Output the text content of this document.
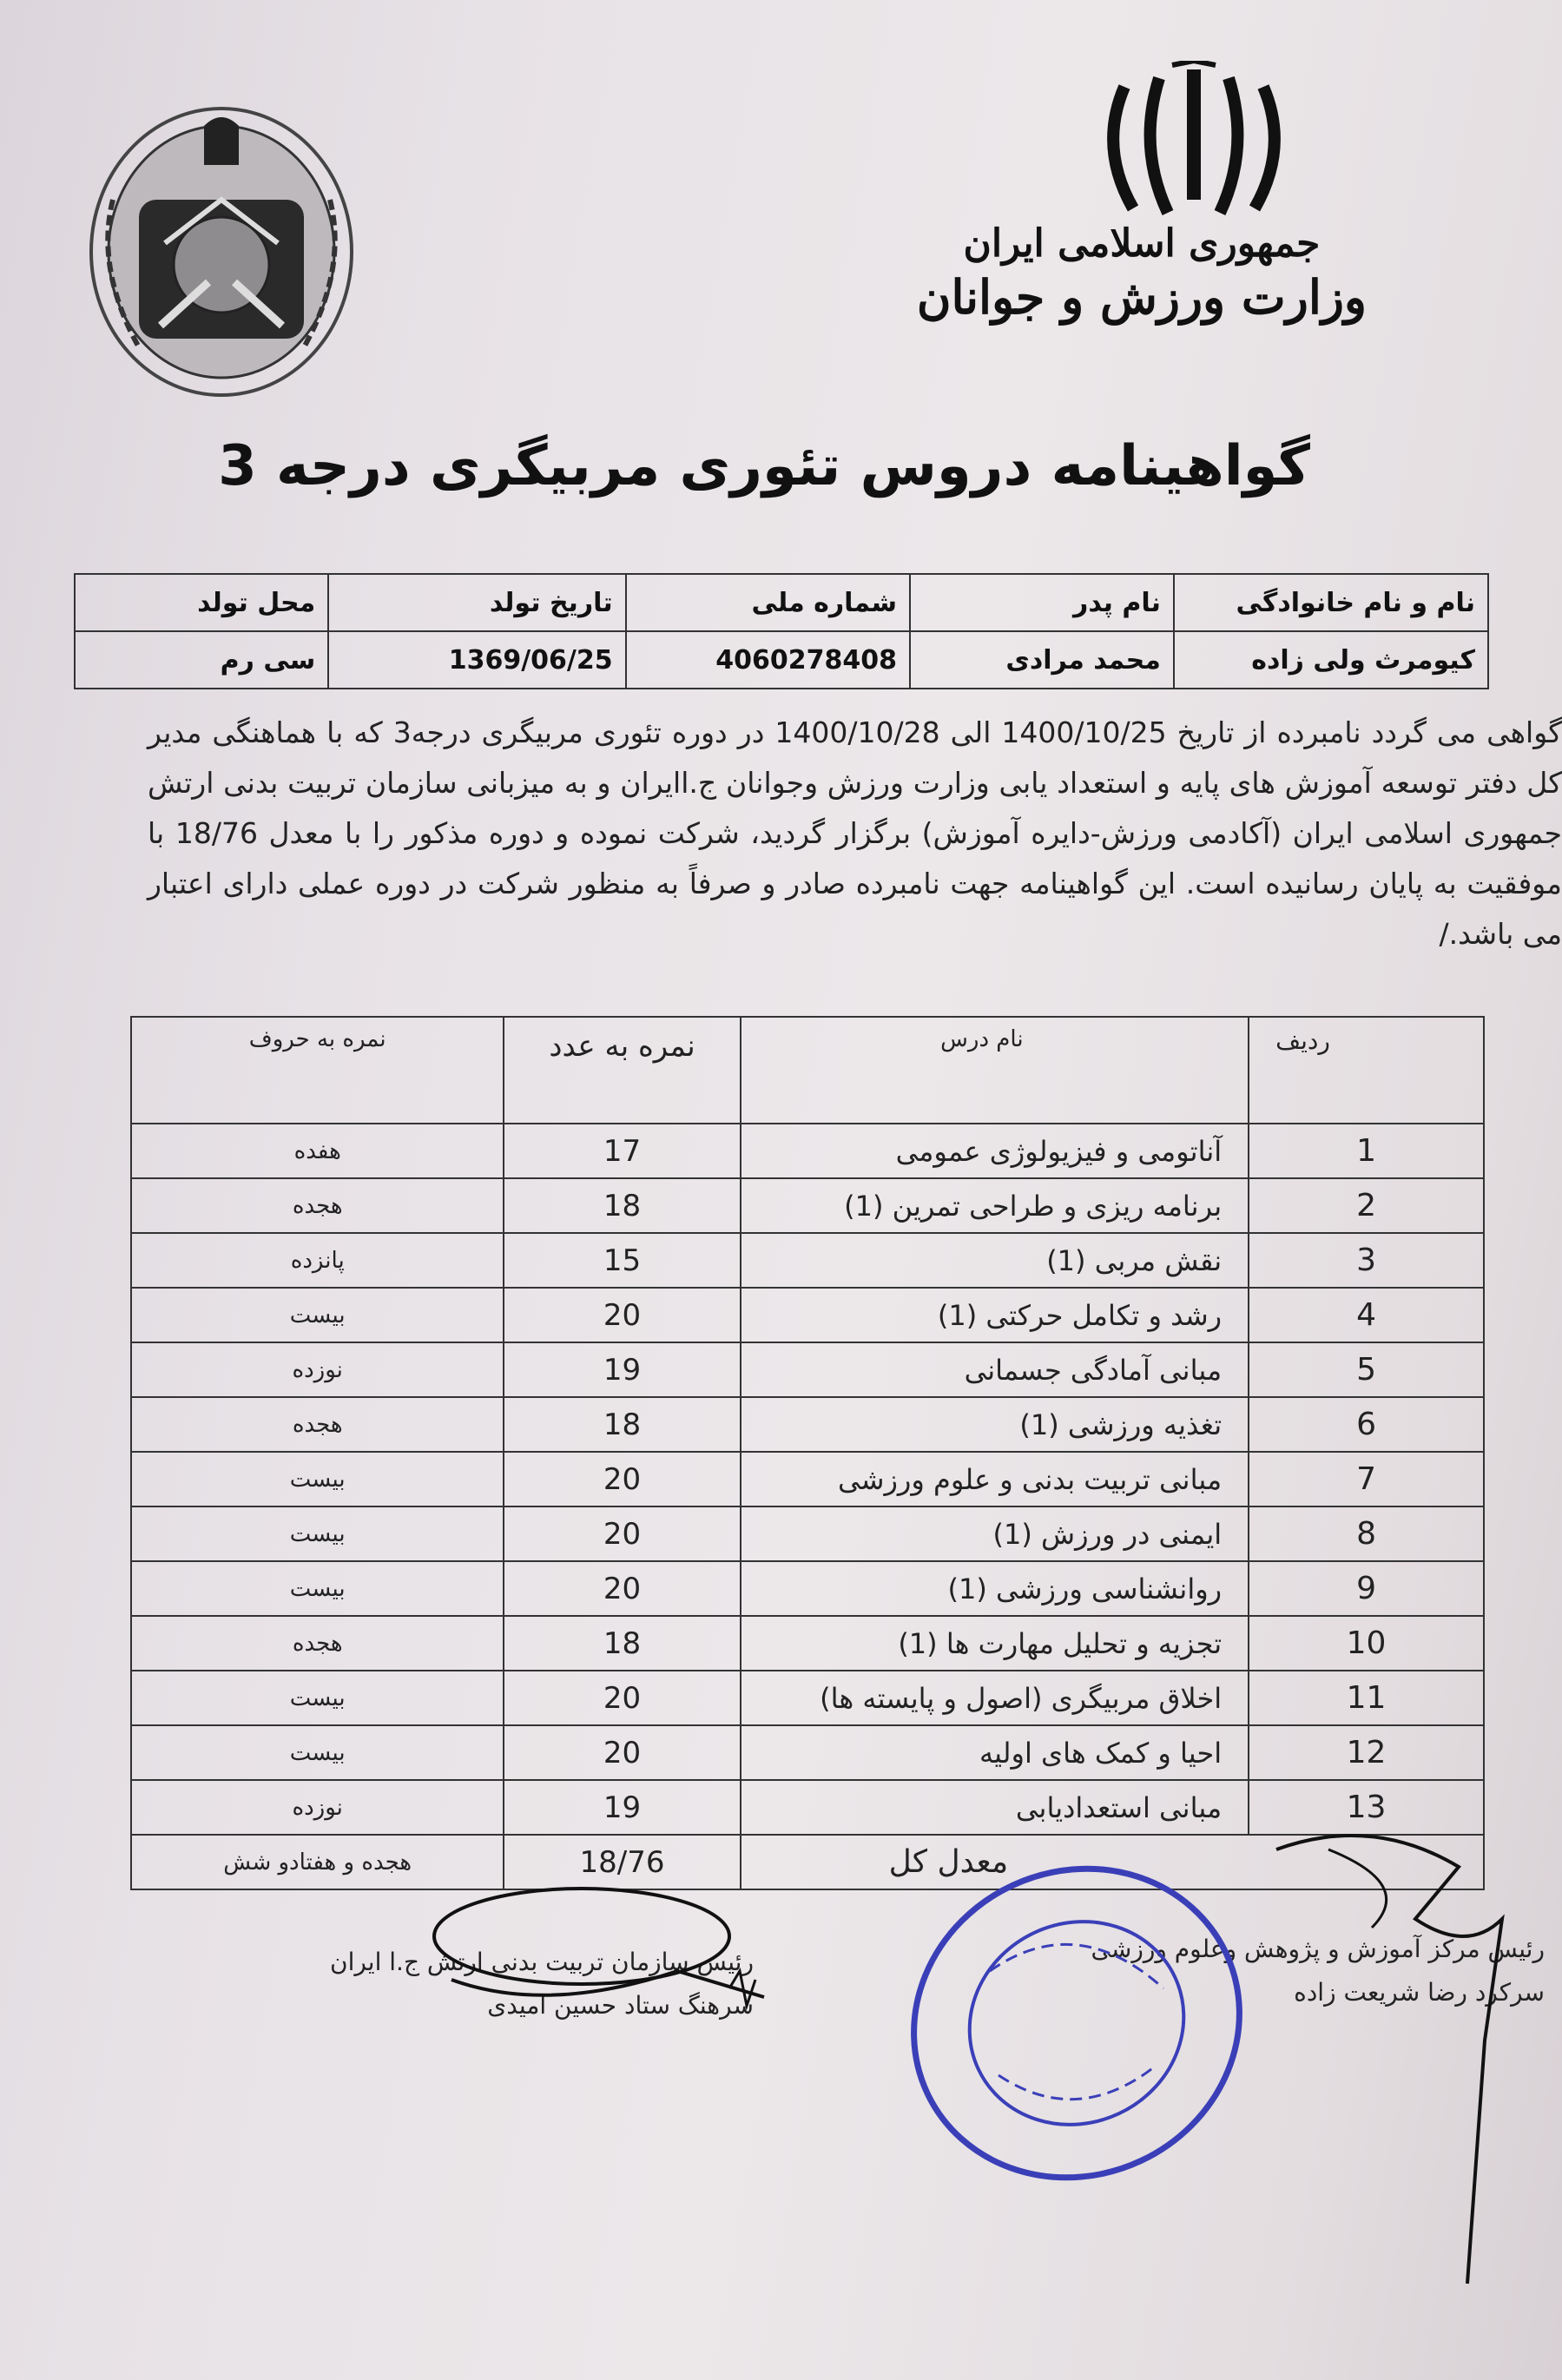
جمهوری اسلامی ایران
وزارت ورزش و جوانان
گواهینامه دروس تئوری مربیگری درجه 3
نام و نام خانوادگی	نام پدر	شماره ملی	تاریخ تولد	محل تولد
کیومرث ولی زاده	محمد مرادی	4060278408	1369/06/25	سی رم
گواهی می گردد نامبرده از تاریخ 1400/10/25 الی 1400/10/28 در دوره تئوری مربیگری درجه3 که با هماهنگی مدیر کل دفتر توسعه آموزش های پایه و استعداد یابی وزارت ورزش وجوانان ج.اایران و به میزبانی سازمان تربیت بدنی ارتش جمهوری اسلامی ایران (آکادمی ورزش-دایره آموزش) برگزار گردید، شرکت نموده و دوره مذکور را با معدل 18/76 با موفقیت به پایان رسانیده است. این گواهینامه جهت نامبرده صادر و صرفاً به منظور شرکت در دوره عملی دارای اعتبار می باشد./
ردیف	نام درس	نمره به عدد	نمره به حروف
1	آناتومی و فیزیولوژی عمومی	17	هفده
2	برنامه ریزی و طراحی تمرین (1)	18	هجده
3	نقش مربی (1)	15	پانزده
4	رشد و تکامل حرکتی (1)	20	بیست
5	مبانی آمادگی جسمانی	19	نوزده
6	تغذیه ورزشی (1)	18	هجده
7	مبانی تربیت بدنی و علوم ورزشی	20	بیست
8	ایمنی در ورزش (1)	20	بیست
9	روانشناسی ورزشی (1)	20	بیست
10	تجزیه و تحلیل مهارت ها (1)	18	هجده
11	اخلاق مربیگری (اصول و پایسته ها)	20	بیست
12	احیا و کمک های اولیه	20	بیست
13	مبانی استعدادیابی	19	نوزده
معدل کل		18/76	هجده و هفتادو شش
رئیس مرکز آموزش و پژوهش وعلوم ورزشی
سرکرد رضا شریعت زاده
رئیس سازمان تربیت بدنی ارتش ج.ا ایران
سرهنگ ستاد حسین امیدی
